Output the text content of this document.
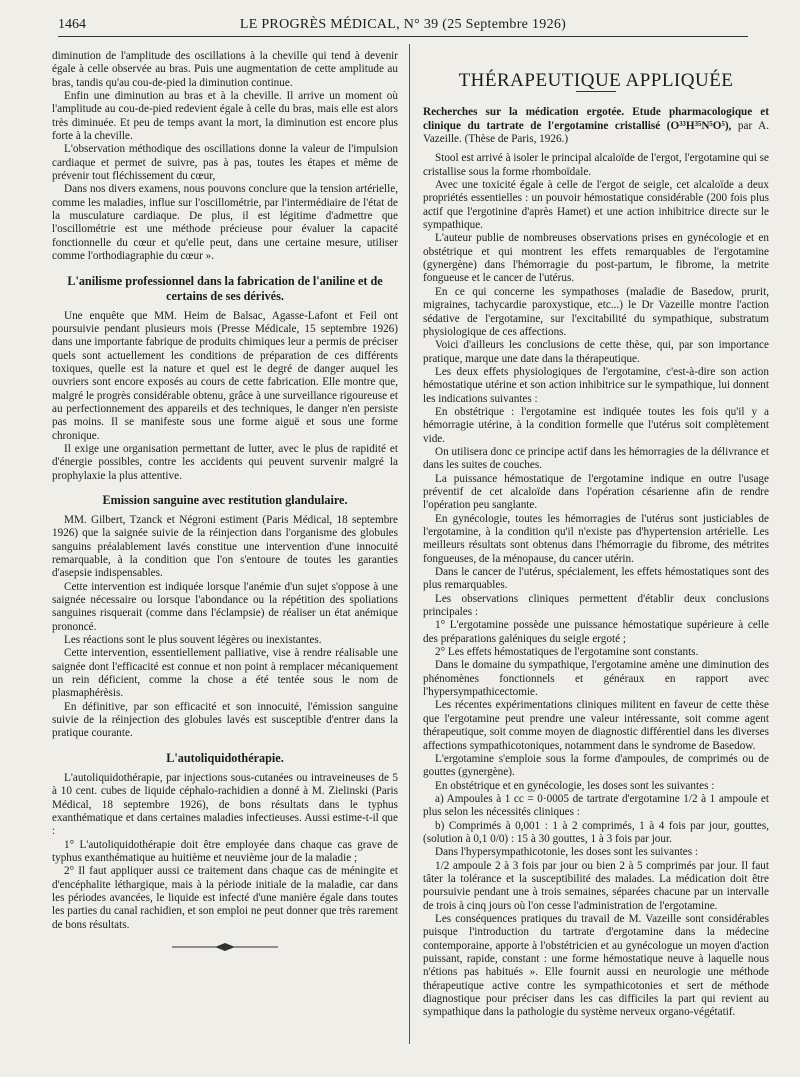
1464	LE PROGRÈS MÉDICAL, N° 39 (25 Septembre 1926)

diminution de l'amplitude des oscillations à la cheville qui tend à devenir égale à celle observée au bras. Puis une augmentation de cette amplitude au bras, tandis qu'au cou-de-pied la diminution continue.

Enfin une diminution au bras et à la cheville. Il arrive un moment où l'amplitude au cou-de-pied redevient égale à celle du bras, mais elle est alors très diminuée. Et peu de temps avant la mort, la diminution est encore plus forte à la cheville.

L'observation méthodique des oscillations donne la valeur de l'impulsion cardiaque et permet de suivre, pas à pas, toutes les étapes et même de prévenir tout fléchissement du cœur,

Dans nos divers examens, nous pouvons conclure que la tension artérielle, comme les maladies, influe sur l'oscillométrie, par l'intermédiaire de l'état de la musculature cardiaque. De plus, il est légitime d'admettre que l'oscillométrie est une méthode précieuse pour évaluer la capacité fonctionnelle du cœur et qu'elle peut, dans une certaine mesure, utiliser comme l'orthodiagraphie du cœur ».

L'anilisme professionnel dans la fabrication de l'aniline et de certains de ses dérivés.

Une enquête que MM. Heim de Balsac, Agasse-Lafont et Feil ont poursuivie pendant plusieurs mois (Presse Médicale, 15 septembre 1926) dans une importante fabrique de produits chimiques leur a permis de préciser quels sont actuellement les conditions de préparation de ces différents toxiques, quelle est la nature et quel est le degré de danger auquel les ouvriers sont encore exposés au cours de cette fabrication. Elle montre que, malgré le progrès considérable obtenu, grâce à une surveillance rigoureuse et au perfectionnement des appareils et des techniques, le danger n'en persiste pas moins. Il se manifeste sous une forme aiguë et sous une forme chronique.

Il exige une organisation permettant de lutter, avec le plus de rapidité et d'énergie possibles, contre les accidents qui peuvent survenir malgré la prophylaxie la plus attentive.

Emission sanguine avec restitution glandulaire.

MM. Gilbert, Tzanck et Négroni estiment (Paris Médical, 18 septembre 1926) que la saignée suivie de la réinjection dans l'organisme des globules sanguins préalablement lavés constitue une intervention d'une innocuité remarquable, à la condition que l'on s'entoure de toutes les garanties d'asepsie indispensables.

Cette intervention est indiquée lorsque l'anémie d'un sujet s'oppose à une saignée nécessaire ou lorsque l'abondance ou la répétition des spoliations sanguines risquerait (comme dans l'éclampsie) de réaliser un état anémique prononcé.

Les réactions sont le plus souvent légères ou inexistantes.

Cette intervention, essentiellement palliative, vise à rendre réalisable une saignée dont l'efficacité est connue et non point à remplacer mécaniquement un rein déficient, comme la chose a été tentée sous le nom de plasmaphérèsis.

En définitive, par son efficacité et son innocuité, l'émission sanguine suivie de la réinjection des globules lavés est susceptible d'entrer dans la pratique courante.

L'autoliquidothérapie.

L'autoliquidothérapie, par injections sous-cutanées ou intraveineuses de 5 à 10 cent. cubes de liquide céphalo-rachidien a donné à M. Zielinski (Paris Médical, 18 septembre 1926), de bons résultats dans le typhus exanthématique et dans certaines maladies infectieuses. Aussi estime-t-il que :

1° L'autoliquidothérapie doit être employée dans chaque cas grave de typhus exanthématique au huitième et neuvième jour de la maladie ;

2° Il faut appliquer aussi ce traitement dans chaque cas de méningite et d'encéphalite léthargique, mais à la période initiale de la maladie, car dans les périodes avancées, le liquide est infecté d'une manière égale dans toutes les parties du canal rachidien, et son emploi ne peut donner que très rarement de bons résultats.

THÉRAPEUTIQUE APPLIQUÉE

Recherches sur la médication ergotée. Etude pharmacologique et clinique du tartrate de l'ergotamine cristallisé (O³³H³⁵N⁵O⁵), par A. Vazeille. (Thèse de Paris, 1926.)

Stool est arrivé à isoler le principal alcaloïde de l'ergot, l'ergotamine qui se cristallise sous la forme rhomboïdale.

Avec une toxicité égale à celle de l'ergot de seigle, cet alcaloïde a deux propriétés essentielles : un pouvoir hémostatique considérable (200 fois plus actif que l'ergotinine d'après Hamet) et une action inhibitrice directe sur le sympathique.

L'auteur publie de nombreuses observations prises en gynécologie et en obstétrique et qui montrent les effets remarquables de l'ergotamine (gynergène) dans l'hémorragie du post-partum, le fibrome, la metrite fongueuse et le cancer de l'utérus.

En ce qui concerne les sympathoses (maladie de Basedow, prurit, migraines, tachycardie paroxystique, etc...) le Dr Vazeille montre l'action sédative de l'ergotamine, sur l'excitabilité du sympathique, substratum physiologique de ces affections.

Voici d'ailleurs les conclusions de cette thèse, qui, par son importance pratique, marque une date dans la thérapeutique.

Les deux effets physiologiques de l'ergotamine, c'est-à-dire son action hémostatique utérine et son action inhibitrice sur le sympathique, lui donnent les indications suivantes :

En obstétrique : l'ergotamine est indiquée toutes les fois qu'il y a hémorragie utérine, à la condition formelle que l'utérus soit complètement vide.

On utilisera donc ce principe actif dans les hémorragies de la délivrance et dans les suites de couches.

La puissance hémostatique de l'ergotamine indique en outre l'usage préventif de cet alcaloïde dans l'opération césarienne afin de rendre l'opération peu sanglante.

En gynécologie, toutes les hémorragies de l'utérus sont justiciables de l'ergotamine, à la condition qu'il n'existe pas d'hypertension artérielle. Les meilleurs résultats sont obtenus dans l'hémorragie du fibrome, des métrites fongueuses, de la ménopause, du cancer utérin.

Dans le cancer de l'utérus, spécialement, les effets hémostatiques sont des plus remarquables.

Les observations cliniques permettent d'établir deux conclusions principales :

1° L'ergotamine possède une puissance hémostatique supérieure à celle des préparations galéniques du seigle ergoté ;

2° Les effets hémostatiques de l'ergotamine sont constants.

Dans le domaine du sympathique, l'ergotamine amène une diminution des phénomènes fonctionnels et généraux en rapport avec l'hypersympathicectomie.

Les récentes expérimentations cliniques militent en faveur de cette thèse que l'ergotamine peut prendre une valeur intéressante, soit comme agent thérapeutique, soit comme moyen de diagnostic différentiel dans les diverses affections sympathicotoniques, notamment dans le syndrome de Basedow.

L'ergotamine s'emploie sous la forme d'ampoules, de comprimés ou de gouttes (gynergène).

En obstétrique et en gynécologie, les doses sont les suivantes :

a) Ampoules à 1 cc = 0·0005 de tartrate d'ergotamine 1/2 à 1 ampoule et plus selon les nécessités cliniques :

b) Comprimés à 0,001 : 1 à 2 comprimés, 1 à 4 fois par jour, gouttes, (solution à 0,1 0/0) : 15 à 30 gouttes, 1 à 3 fois par jour.

Dans l'hypersympathicotonie, les doses sont les suivantes :

1/2 ampoule 2 à 3 fois par jour ou bien 2 à 5 comprimés par jour. Il faut tâter la tolérance et la susceptibilité des malades. La médication doit être poursuivie pendant une à trois semaines, séparées chacune par un intervalle de trois à cinq jours où l'on cesse l'administration de l'ergotamine.

Les conséquences pratiques du travail de M. Vazeille sont considérables puisque l'introduction du tartrate d'ergotamine dans la médecine contemporaine, apporte à l'obstétricien et au gynécologue un moyen d'action puissant, rapide, constant : une forme hémostatique neuve à laquelle nous n'étions pas habitués ». Elle fournit aussi en neurologie une méthode thérapeutique active contre les sympathicotonies et sert de méthode diagnostique pour préciser dans les cas difficiles la part qui revient au sympathique dans la pathologie du système nerveux organo-végétatif.
